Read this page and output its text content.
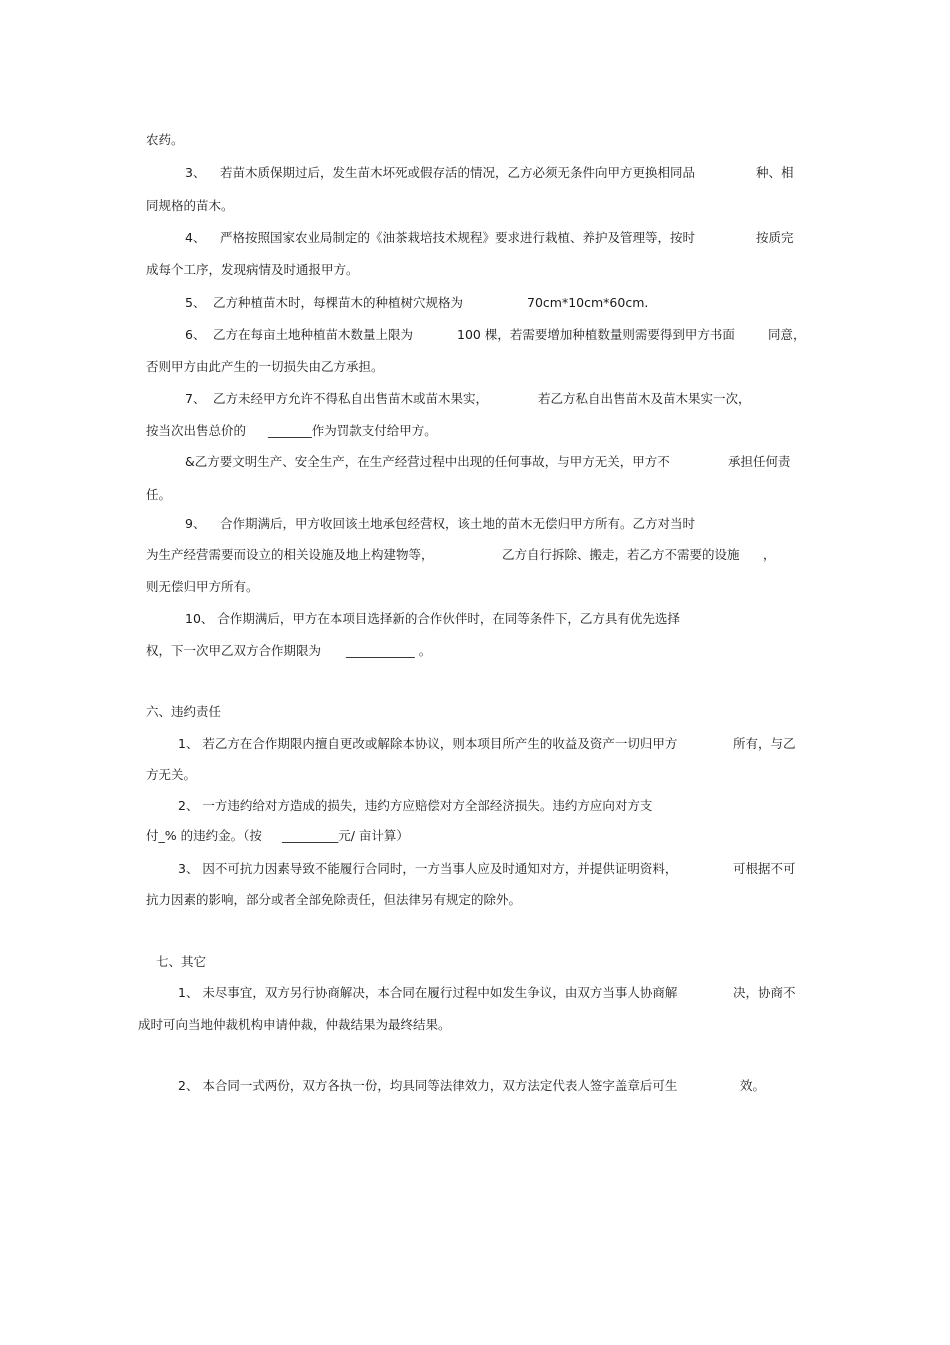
农药。
3、 若苗木质保期过后，发生苗木坏死或假存活的情况，乙方必须无条件向甲方更换相同品	种、相
同规格的苗木。
4、 严格按照国家农业局制定的《油茶栽培技术规程》要求进行栽植、养护及管理等，按时	按质完
成每个工序，发现病情及时通报甲方。
5、 乙方种植苗木时，每棵苗木的种植树穴规格为	70cm*10cm*60cm.
6、 乙方在每亩土地种植苗木数量上限为	100 棵，若需要增加种植数量则需要得到甲方书面	同意，
否则甲方由此产生的一切损失由乙方承担。
7、 乙方未经甲方允许不得私自出售苗木或苗木果实，	若乙方私自出售苗木及苗木果实一次，
按当次出售总价的 _______作为罚款支付给甲方。
&乙方要文明生产、安全生产，在生产经营过程中出现的任何事故，与甲方无关，甲方不	承担任何责
任。
9、 合作期满后，甲方收回该土地承包经营权，该土地的苗木无偿归甲方所有。乙方对当时
为生产经营需要而设立的相关设施及地上构建物等，	乙方自行拆除、搬走，若乙方不需要的设施 ，
则无偿归甲方所有。
10、 合作期满后，甲方在本项目选择新的合作伙伴时，在同等条件下，乙方具有优先选择
权，下一次甲乙双方合作期限为 ___________ 。
六、违约责任
1、 若乙方在合作期限内擅自更改或解除本协议，则本项目所产生的收益及资产一切归甲方	所有，与乙
方无关。
2、 一方违约给对方造成的损失，违约方应赔偿对方全部经济损失。违约方应向对方支
付_% 的违约金。（按 _________元/ 亩计算）
3、 因不可抗力因素导致不能履行合同时，一方当事人应及时通知对方，并提供证明资料，	可根据不可
抗力因素的影响，部分或者全部免除责任，但法律另有规定的除外。
七、其它
1、 未尽事宜，双方另行协商解决，本合同在履行过程中如发生争议，由双方当事人协商解	决，协商不
成时可向当地仲裁机构申请仲裁，仲裁结果为最终结果。
2、 本合同一式两份，双方各执一份，均具同等法律效力，双方法定代表人签字盖章后可生	效。
